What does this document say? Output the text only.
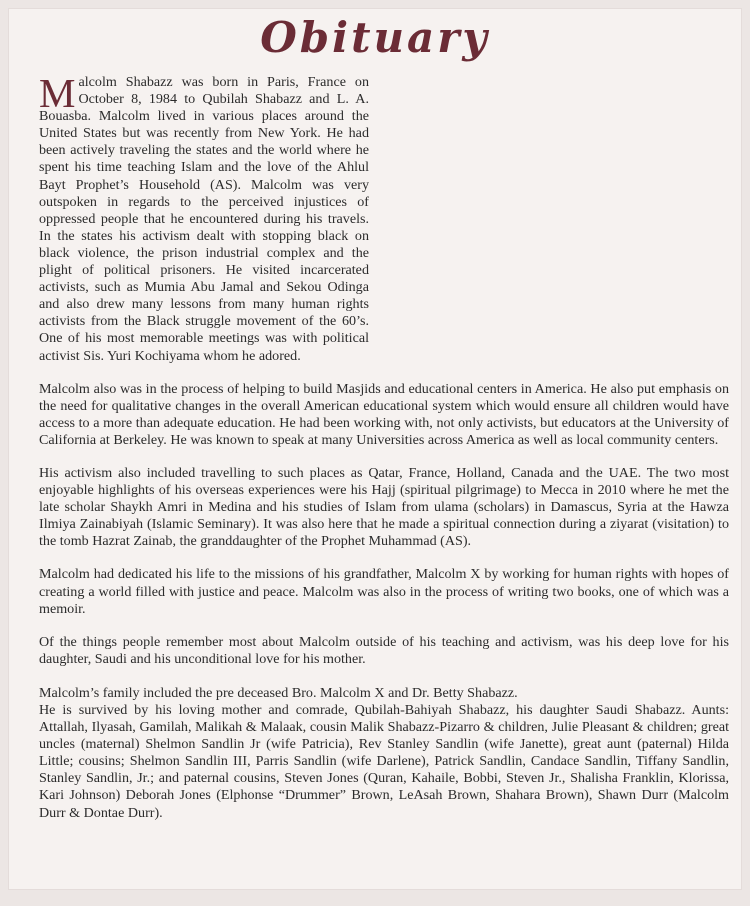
Obituary

Malcolm Shabazz was born in Paris, France on October 8, 1984 to Qubilah Shabazz and L. A. Bouasba. Malcolm lived in various places around the United States but was recently from New York. He had been actively traveling the states and the world where he spent his time teaching Islam and the love of the Ahlul Bayt Prophet’s Household (AS). Malcolm was very outspoken in regards to the perceived injustices of oppressed people that he encountered during his travels. In the states his activism dealt with stopping black on black violence, the prison industrial complex and the plight of political prisoners. He visited incarcerated activists, such as Mumia Abu Jamal and Sekou Odinga and also drew many lessons from many human rights activists from the Black struggle movement of the 60’s. One of his most memorable meetings was with political activist Sis. Yuri Kochiyama whom he adored.

Malcolm also was in the process of helping to build Masjids and educational centers in America. He also put emphasis on the need for qualitative changes in the overall American educational system which would ensure all children would have access to a more than adequate education. He had been working with, not only activists, but educators at the University of California at Berkeley. He was known to speak at many Universities across America as well as local community centers.

His activism also included travelling to such places as Qatar, France, Holland, Canada and the UAE. The two most enjoyable highlights of his overseas experiences were his Hajj (spiritual pilgrimage) to Mecca in 2010 where he met the late scholar Shaykh Amri in Medina and his studies of Islam from ulama (scholars) in Damascus, Syria at the Hawza Ilmiya Zainabiyah (Islamic Seminary). It was also here that he made a spiritual connection during a ziyarat (visitation) to the tomb Hazrat Zainab, the granddaughter of the Prophet Muhammad (AS).

Malcolm had dedicated his life to the missions of his grandfather, Malcolm X by working for human rights with hopes of creating a world filled with justice and peace. Malcolm was also in the process of writing two books, one of which was a memoir.

Of the things people remember most about Malcolm outside of his teaching and activism, was his deep love for his daughter, Saudi and his unconditional love for his mother.

Malcolm’s family included the pre deceased Bro. Malcolm X and Dr. Betty Shabazz.
He is survived by his loving mother and comrade, Qubilah-Bahiyah Shabazz, his daughter Saudi Shabazz. Aunts: Attallah, Ilyasah, Gamilah, Malikah & Malaak, cousin Malik Shabazz-Pizarro & children, Julie Pleasant & children; great uncles (maternal) Shelmon Sandlin Jr (wife Patricia), Rev Stanley Sandlin (wife Janette), great aunt (paternal) Hilda Little; cousins; Shelmon Sandlin III, Parris Sandlin (wife Darlene), Patrick Sandlin, Candace Sandlin, Tiffany Sandlin, Stanley Sandlin, Jr.; and paternal cousins, Steven Jones (Quran, Kahaile, Bobbi, Steven Jr., Shalisha Franklin, Klorissa, Kari Johnson) Deborah Jones (Elphonse “Drummer” Brown, LeAsah Brown, Shahara Brown), Shawn Durr (Malcolm Durr & Dontae Durr).
